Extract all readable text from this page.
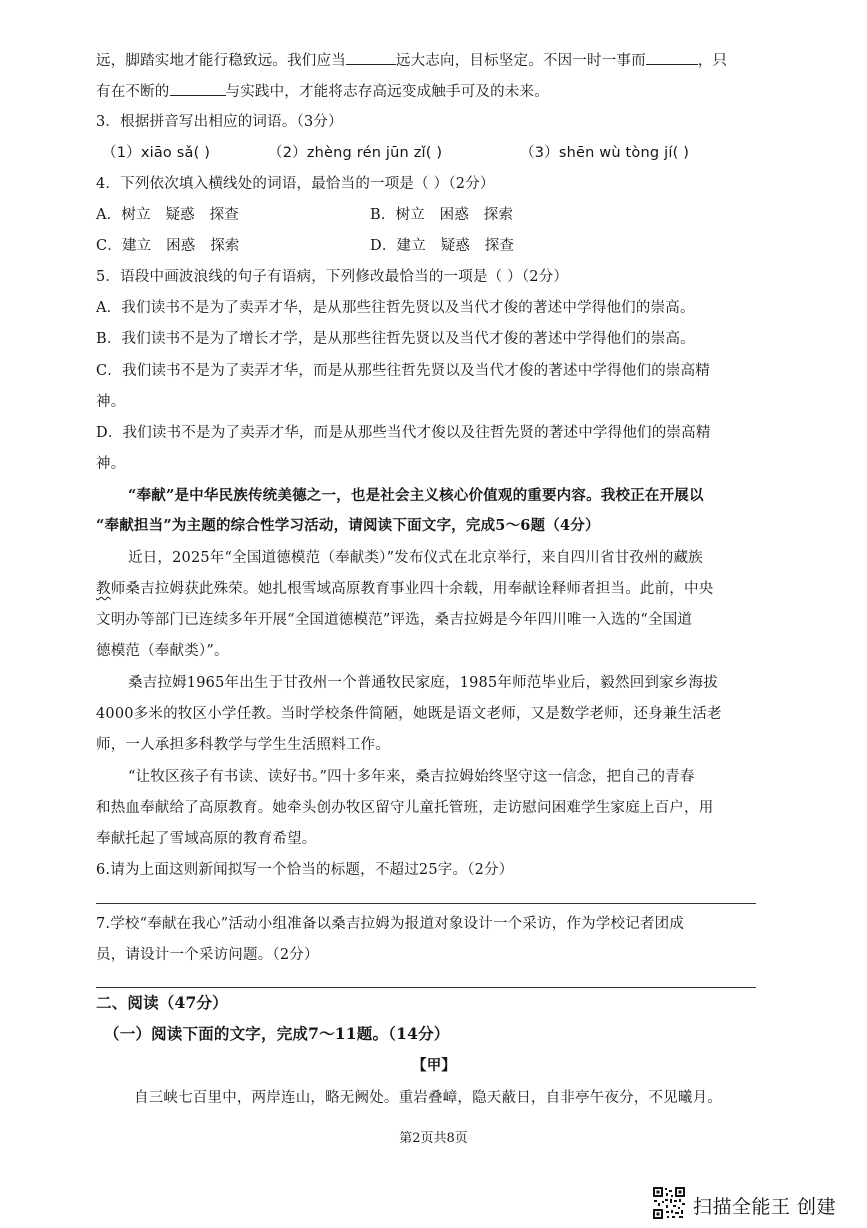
远，脚踏实地才能行稳致远。我们应当	远大志向，目标坚定。不因一时一事而	，只
有在不断的	与实践中，才能将志存高远变成触手可及的未来。
3．根据拼音写出相应的词语。（3分）
（1）xiāo sǎ( )	（2）zhèng rén jūn zǐ( )	（3）shēn wù tòng jí( )
4．下列依次填入横线处的词语，最恰当的一项是（ ）（2分）
A．树立　疑惑　探查	B．树立　困惑　探索
C．建立　困惑　探索	D．建立　疑惑　探查
5．语段中画波浪线的句子有语病，下列修改最恰当的一项是（ ）（2分）
A．我们读书不是为了卖弄才华，是从那些往哲先贤以及当代才俊的著述中学得他们的崇高。
B．我们读书不是为了增长才学，是从那些往哲先贤以及当代才俊的著述中学得他们的崇高。
C．我们读书不是为了卖弄才华，而是从那些往哲先贤以及当代才俊的著述中学得他们的崇高精
神。
D．我们读书不是为了卖弄才华，而是从那些当代才俊以及往哲先贤的著述中学得他们的崇高精
神。
“奉献”是中华民族传统美德之一，也是社会主义核心价值观的重要内容。我校正在开展以
“奉献担当”为主题的综合性学习活动，请阅读下面文字，完成5～6题（4分）
近日，2025年“全国道德模范（奉献类）”发布仪式在北京举行，来自四川省甘孜州的藏族
教师桑吉拉姆获此殊荣。她扎根雪域高原教育事业四十余载，用奉献诠释师者担当。此前，中央
文明办等部门已连续多年开展“全国道德模范”评选，桑吉拉姆是今年四川唯一入选的“全国道
德模范（奉献类）”。
桑吉拉姆1965年出生于甘孜州一个普通牧民家庭，1985年师范毕业后，毅然回到家乡海拔
4000多米的牧区小学任教。当时学校条件简陋，她既是语文老师，又是数学老师，还身兼生活老
师，一人承担多科教学与学生生活照料工作。
“让牧区孩子有书读、读好书。”四十多年来，桑吉拉姆始终坚守这一信念，把自己的青春
和热血奉献给了高原教育。她牵头创办牧区留守儿童托管班，走访慰问困难学生家庭上百户，用
奉献托起了雪域高原的教育希望。
6.请为上面这则新闻拟写一个恰当的标题，不超过25字。（2分）
7.学校“奉献在我心”活动小组准备以桑吉拉姆为报道对象设计一个采访，作为学校记者团成
员，请设计一个采访问题。（2分）
二、阅读（47分）
（一）阅读下面的文字，完成7～11题。（14分）
【甲】
自三峡七百里中，两岸连山，略无阙处。重岩叠嶂，隐天蔽日，自非亭午夜分，不见曦月。
第2页共8页
扫描全能王 创建
